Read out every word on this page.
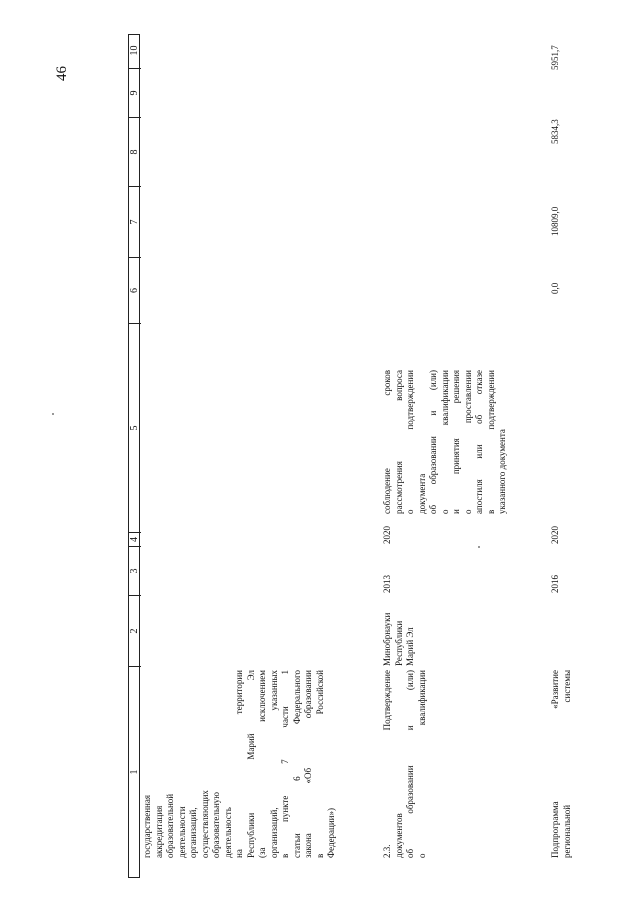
46
1
2
3
4
5
6
7
8
9
10
государственная аккредитация образовательной деятельности организаций, осуществляющих образовательную деятельность на территории Республики Марий Эл (за исключением организаций, указанных в пункте 7 части 1 статьи 6 Федерального закона «Об образовании в Российской Федерации»)	2.3. Подтверждение документов об образовании и (или) о квалификации
Минобрнауки Республики Марий Эл
2013
2020
соблюдение сроков рассмотрения вопроса о подтверждении документа об образовании и (или) о квалификации и принятия решения о проставлении апостиля или об отказе в подтверждении указанного документа
Подпрограмма «Развитие региональной системы
2016
2020
0,0
10809,0
5834,3
5951,7
